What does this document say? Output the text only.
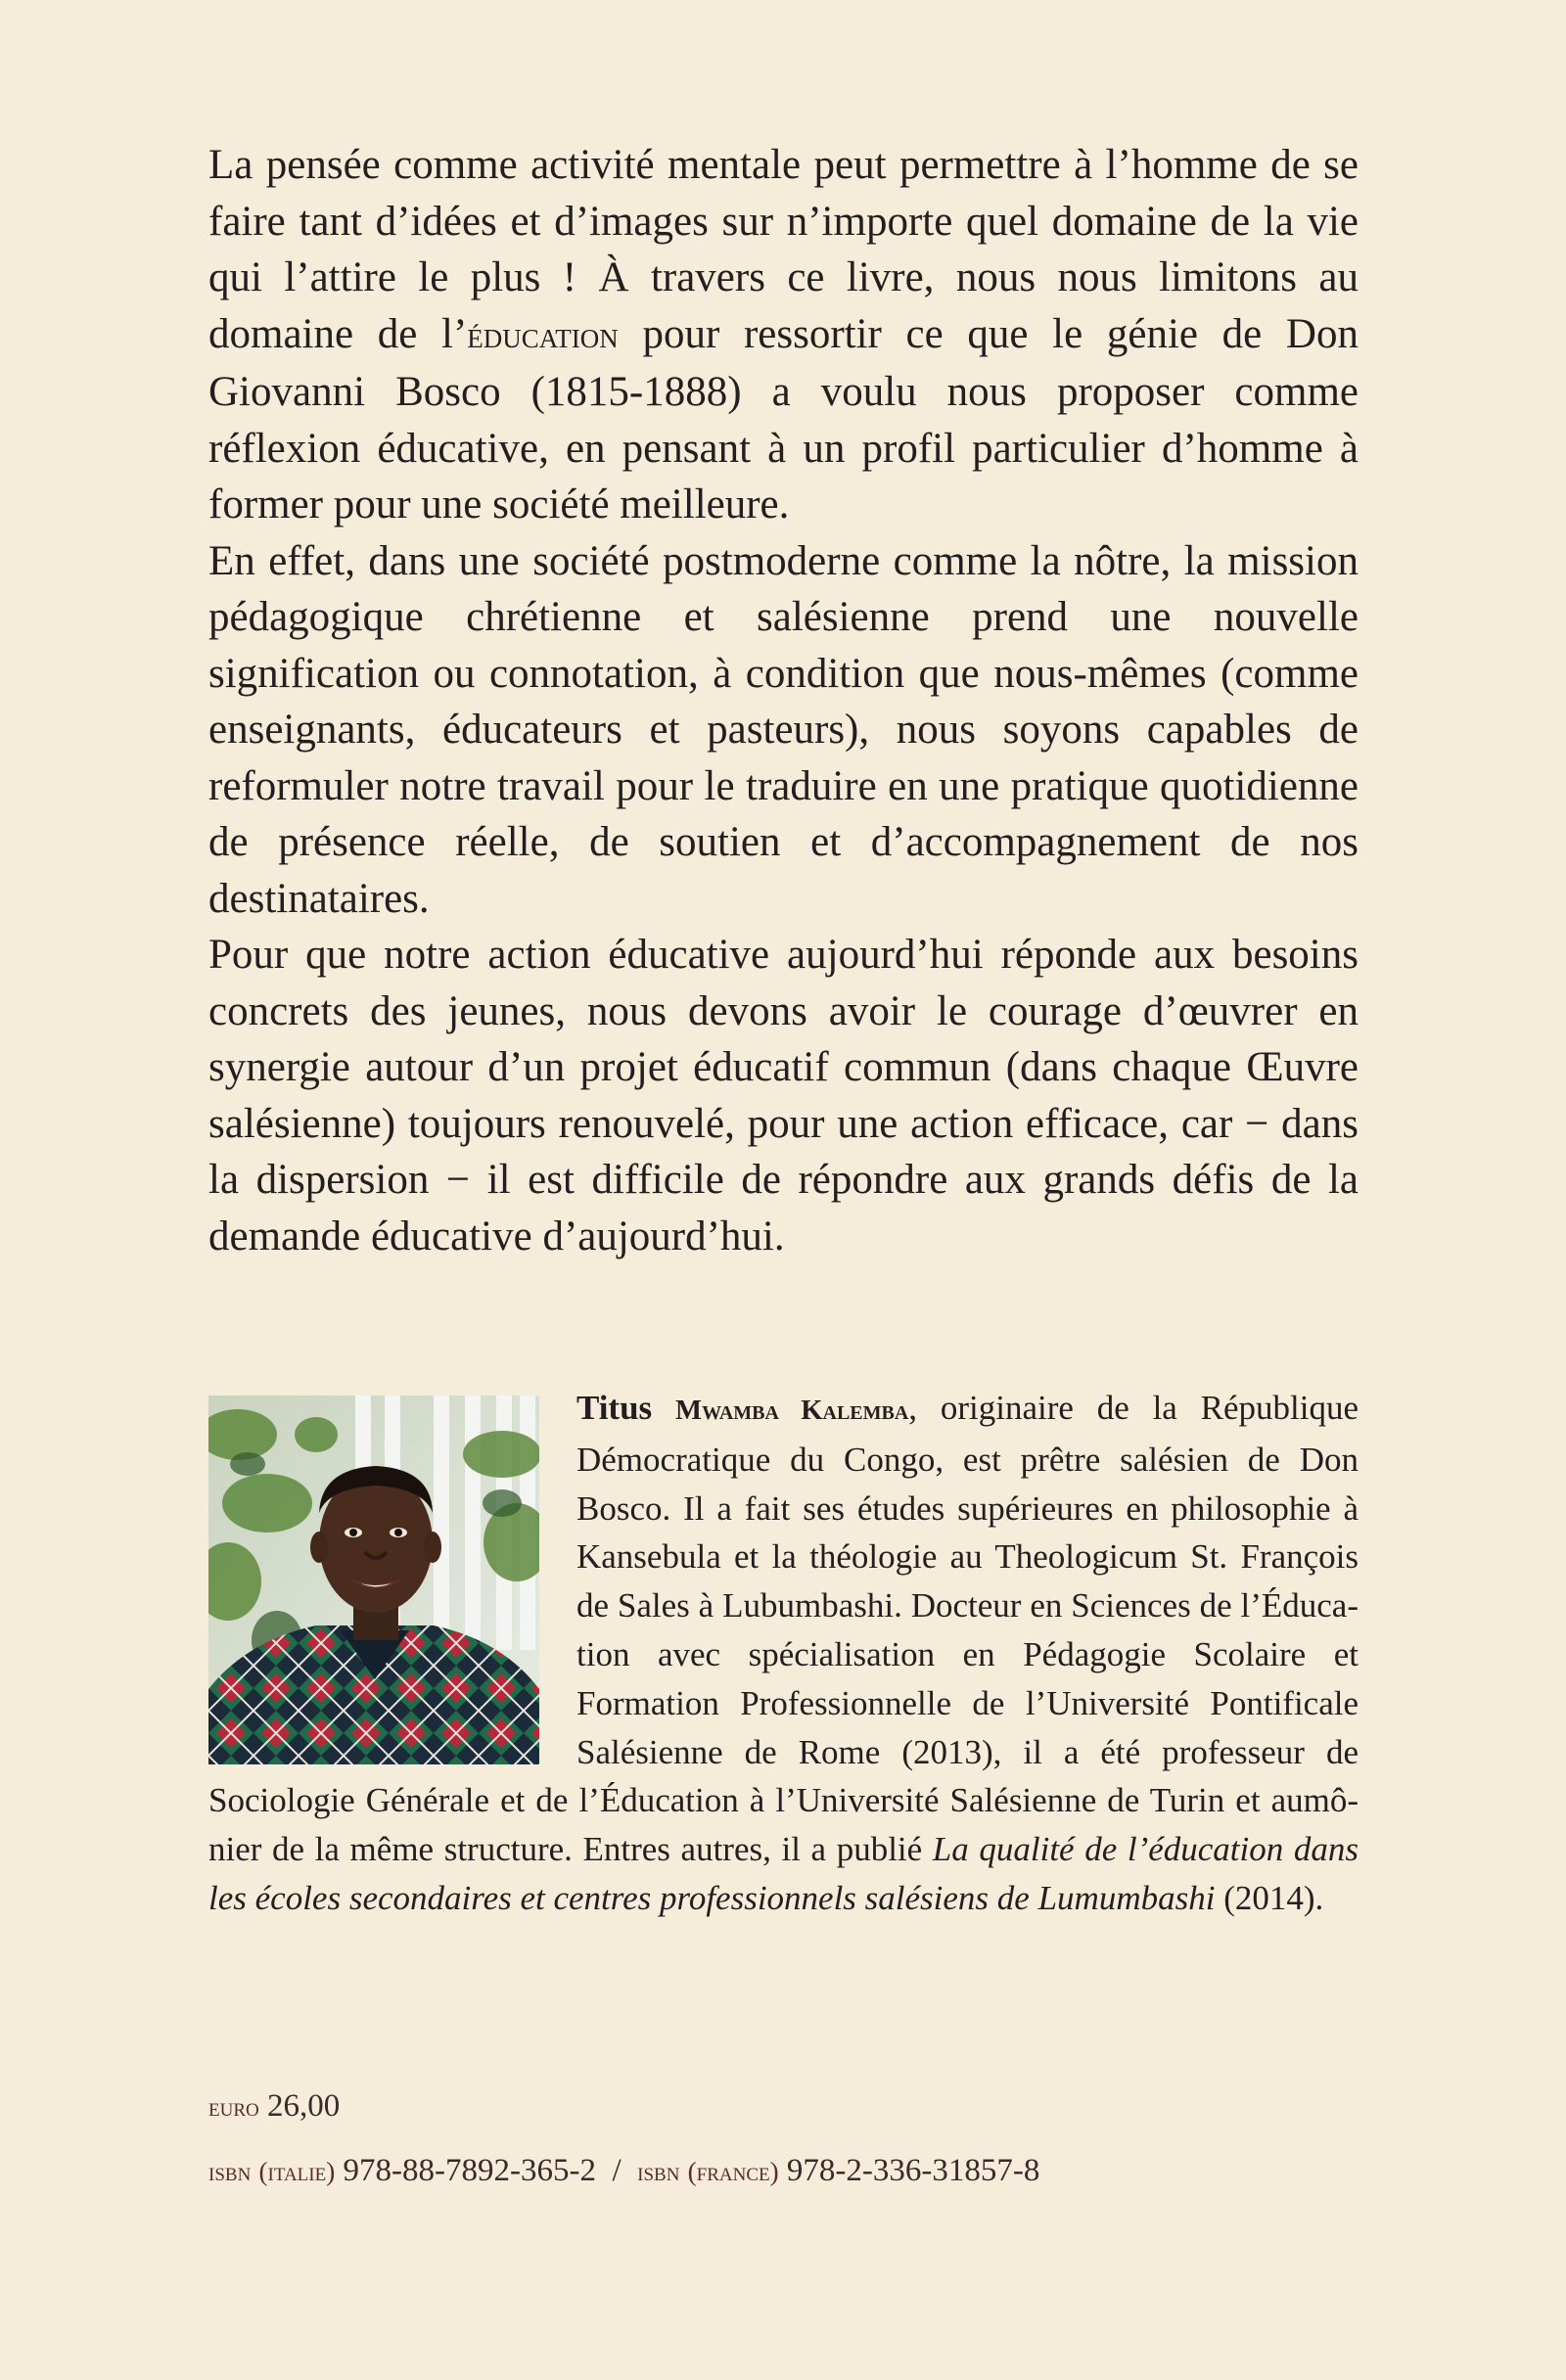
La pensée comme activité mentale peut permettre à l’homme de se faire tant d’idées et d’images sur n’importe quel domaine de la vie qui l’attire le plus ! À travers ce livre, nous nous limitons au domaine de l’éducation pour ressortir ce que le génie de Don Giovanni Bosco (1815-1888) a voulu nous proposer comme réflexion éducative, en pensant à un profil particulier d’homme à former pour une société meilleure.

En effet, dans une société postmoderne comme la nôtre, la mission pédagogique chrétienne et salésienne prend une nouvelle signification ou connotation, à condition que nous-mêmes (comme enseignants, éducateurs et pasteurs), nous soyons capables de reformuler notre travail pour le traduire en une pratique quotidienne de présence réelle, de soutien et d’accompagnement de nos destinataires.

Pour que notre action éducative aujourd’hui réponde aux besoins concrets des jeunes, nous devons avoir le courage d’œuvrer en synergie autour d’un projet éducatif commun (dans chaque Œuvre salésienne) toujours renouvelé, pour une action efficace, car − dans la dispersion − il est difficile de répondre aux grands défis de la demande éducative d’aujourd’hui.

Titus Mwamba Kalemba, originaire de la République Démocratique du Congo, est prêtre salésien de Don Bosco. Il a fait ses études supérieures en philosophie à Kansebula et la théologie au Theologicum St. François de Sales à Lubumbashi. Docteur en Sciences de l’Éducation avec spécialisation en Pédagogie Scolaire et Formation Professionnelle de l’Université Pontificale Salésienne de Rome (2013), il a été professeur de Sociologie Générale et de l’Éducation à l’Université Salésienne de Turin et aumônier de la même structure. Entres autres, il a publié La qualité de l’éducation dans les écoles secondaires et centres professionnels salésiens de Lumumbashi (2014).

euro 26,00
isbn (italie) 978-88-7892-365-2 / isbn (france) 978-2-336-31857-8
